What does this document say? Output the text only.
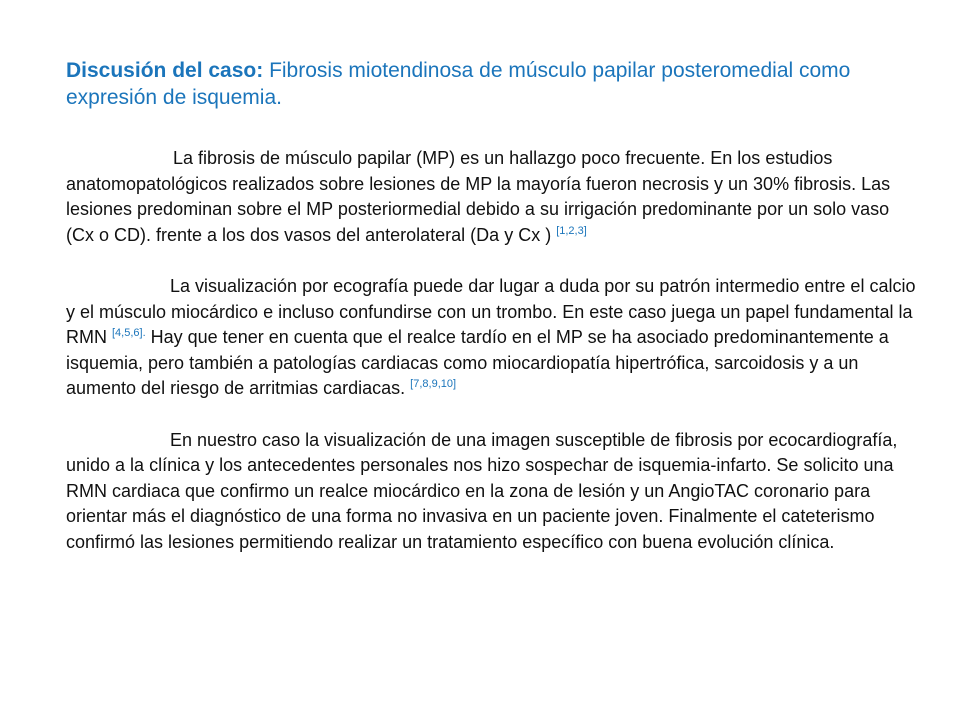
Discusión del caso: Fibrosis miotendinosa de músculo papilar posteromedial como expresión de isquemia.

La fibrosis de músculo papilar (MP) es un hallazgo poco frecuente. En los estudios anatomopatológicos realizados sobre lesiones de MP la mayoría fueron necrosis y un 30% fibrosis. Las lesiones predominan sobre el MP posteriormedial debido a su irrigación predominante por un solo vaso (Cx o CD). frente a los dos vasos del anterolateral (Da y Cx ) [1,2,3]

La visualización por ecografía puede dar lugar a duda por su patrón intermedio entre el calcio y el músculo miocárdico e incluso confundirse con un trombo. En este caso juega un papel fundamental la RMN $^{[4,5,6].}$ Hay que tener en cuenta que el realce tardío en el MP se ha asociado predominantemente a isquemia, pero también a patologías cardiacas como miocardiopatía hipertrófica, sarcoidosis y a un aumento del riesgo de arritmias cardiacas. [7,8,9,10]

En nuestro caso la visualización de una imagen susceptible de fibrosis por ecocardiografía, unido a la clínica y los antecedentes personales nos hizo sospechar de isquemia-infarto. Se solicito una RMN cardiaca que confirmo un realce miocárdico en la zona de lesión y un AngioTAC coronario para orientar más el diagnóstico de una forma no invasiva en un paciente joven. Finalmente el cateterismo confirmó las lesiones permitiendo realizar un tratamiento específico con buena evolución clínica.
